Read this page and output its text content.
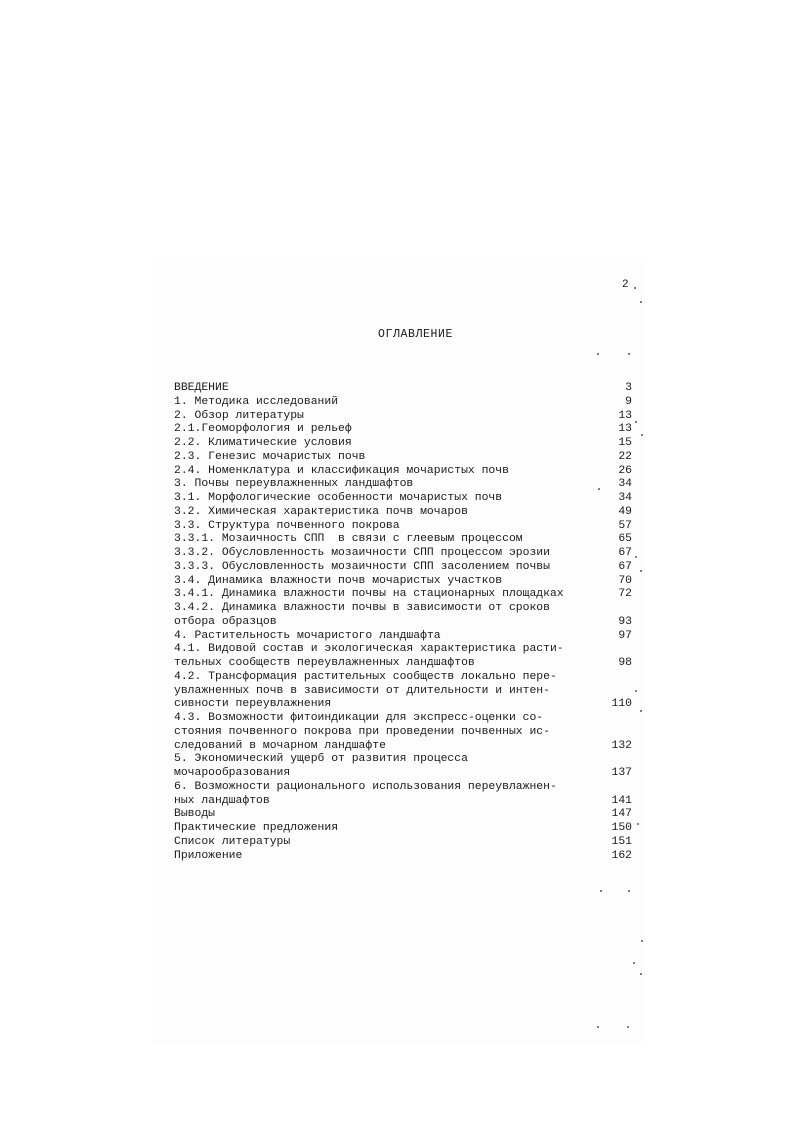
2
ОГЛАВЛЕНИЕ
ВВЕДЕНИЕ	3
1. Методика исследований	9
2. Обзор литературы	13
2.1.Геоморфология и рельеф	13
2.2. Климатические условия	15
2.3. Генезис мочаристых почв	22
2.4. Номенклатура и классификация мочаристых почв	26
3. Почвы переувлажненных ландшафтов	34
3.1. Морфологические особенности мочаристых почв	34
3.2. Химическая характеристика почв мочаров	49
3.3. Структура почвенного покрова	57
3.3.1. Мозаичность СПП  в связи с глеевым процессом	65
3.3.2. Обусловленность мозаичности СПП процессом эрозии	67
3.3.3. Обусловленность мозаичности СПП засолением почвы	67
3.4. Динамика влажности почв мочаристых участков	70
3.4.1. Динамика влажности почвы на стационарных площадках	72
3.4.2. Динамика влажности почвы в зависимости от сроков
отбора образцов	93
4. Растительность мочаристого ландшафта	97
4.1. Видовой состав и экологическая характеристика расти-
тельных сообществ переувлажненных ландшафтов	98
4.2. Трансформация растительных сообществ локально пере-
увлажненных почв в зависимости от длительности и интен-
сивности переувлажнения	110
4.3. Возможности фитоиндикации для экспресс-оценки со-
стояния почвенного покрова при проведении почвенных ис-
следований в мочарном ландшафте	132
5. Экономический ущерб от развития процесса
мочарообразования	137
6. Возможности рационального использования переувлажнен-
ных ландшафтов	141
Выводы	147
Практические предложения	150
Список литературы	151
Приложение	162
